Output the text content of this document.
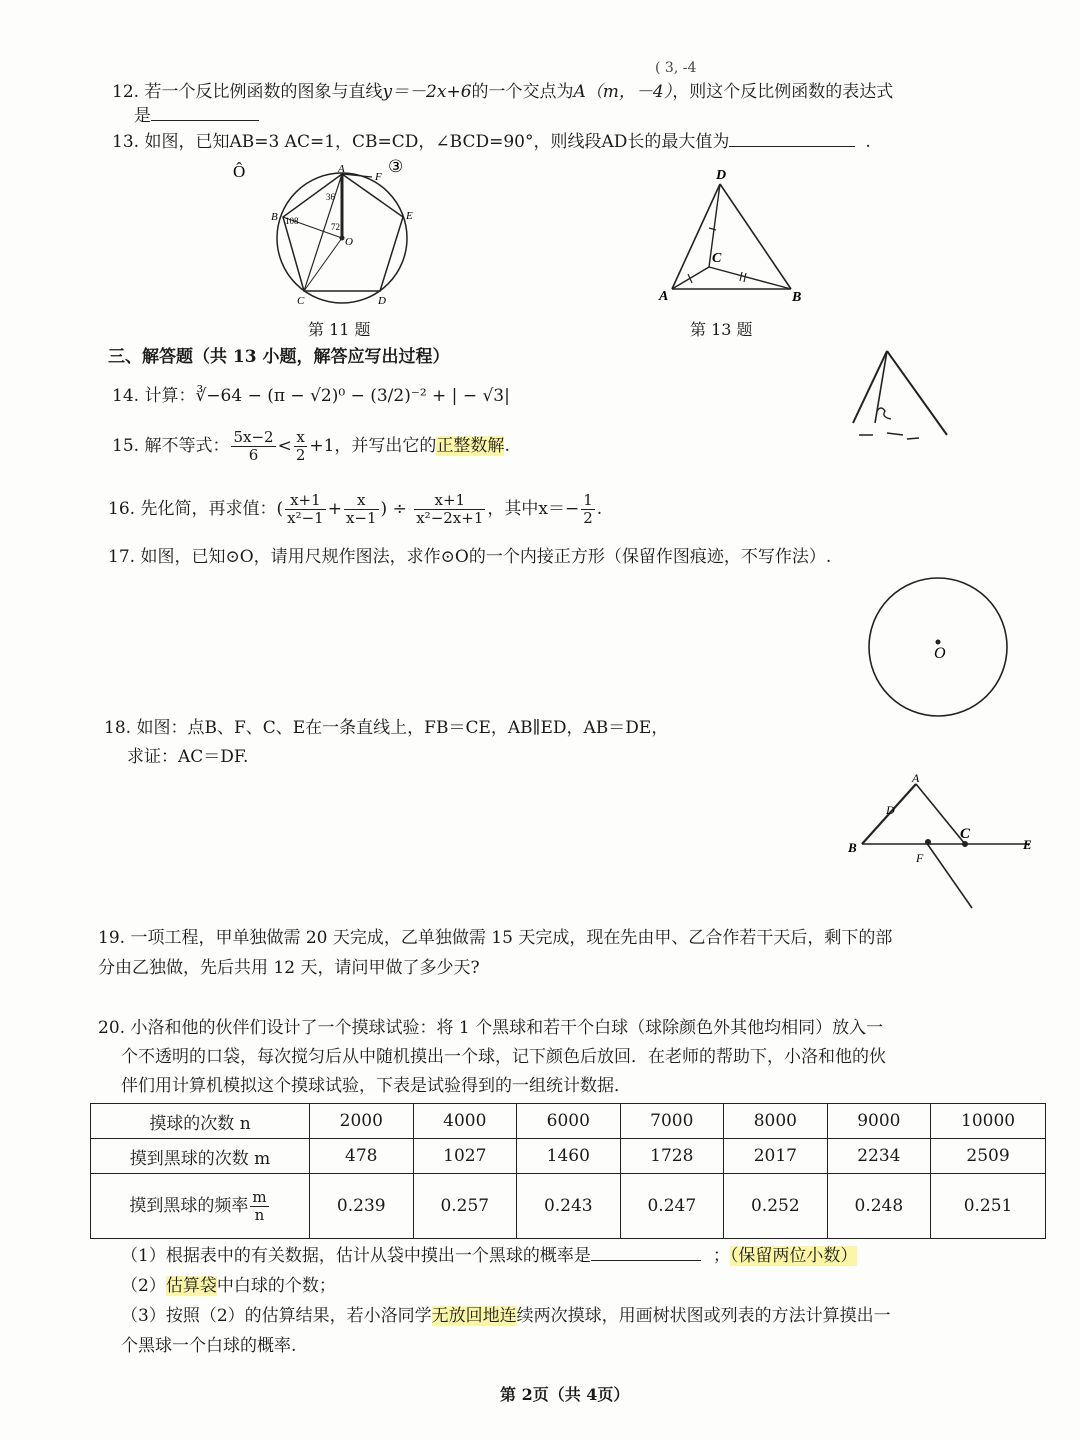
( 3, -4
12. 若一个反比例函数的图象与直线y＝－2x+6的一个交点为A（m，－4），则这个反比例函数的表达式
是
13. 如图，已知AB=3 AC=1，CB=CD，∠BCD=90°，则线段AD长的最大值为	.
Ô	③
A
B
C	D
E
F
O
108
36
72
第 11 题
D
C
A	B
第 13 题
三、解答题（共 13 小题，解答应写出过程）
14. 计算：∛−64 − (π − √2)⁰ − (3/2)⁻² + | − √3|
15. 解不等式： $\frac{5x-2}{6} < \frac{x}{2} +1$，并写出它的正整数解.
16. 先化简，再求值：( $\frac{x+1}{\text{x²−1}} + \frac{x}{x-1}$ ) ÷ $\frac{x+1}{\text{x²−2x+1}}$ ，其中$x=- \frac{1}{2}$ .
17. 如图，已知⊙O，请用尺规作图法，求作⊙O的一个内接正方形（保留作图痕迹，不写作法）.
O
18. 如图：点B、F、C、E在一条直线上，FB＝CE，AB∥ED，AB＝DE，
求证：AC＝DF.
A
B
C
D
E
F
19. 一项工程，甲单独做需 20 天完成，乙单独做需 15 天完成，现在先由甲、乙合作若干天后，剩下的部
分由乙独做，先后共用 12 天，请问甲做了多少天?
20. 小洛和他的伙伴们设计了一个摸球试验：将 1 个黑球和若干个白球（球除颜色外其他均相同）放入一
个不透明的口袋，每次搅匀后从中随机摸出一个球，记下颜色后放回．在老师的帮助下，小洛和他的伙
伴们用计算机模拟这个摸球试验，下表是试验得到的一组统计数据．
摸球的次数 n	2000	4000	6000	7000	8000	9000	10000
摸到黑球的次数 m	478	1027	1460	1728	2017	2234	2509
摸到黑球的频率 $\frac{m}{n}$	0.239	0.257	0.243	0.247	0.252	0.248	0.251
（1）根据表中的有关数据，估计从袋中摸出一个黑球的概率是	；（保留两位小数）
（2）估算袋中白球的个数；
（3）按照（2）的估算结果，若小洛同学无放回地连续两次摸球，用画树状图或列表的方法计算摸出一
个黑球一个白球的概率.
第 2页（共 4页）
